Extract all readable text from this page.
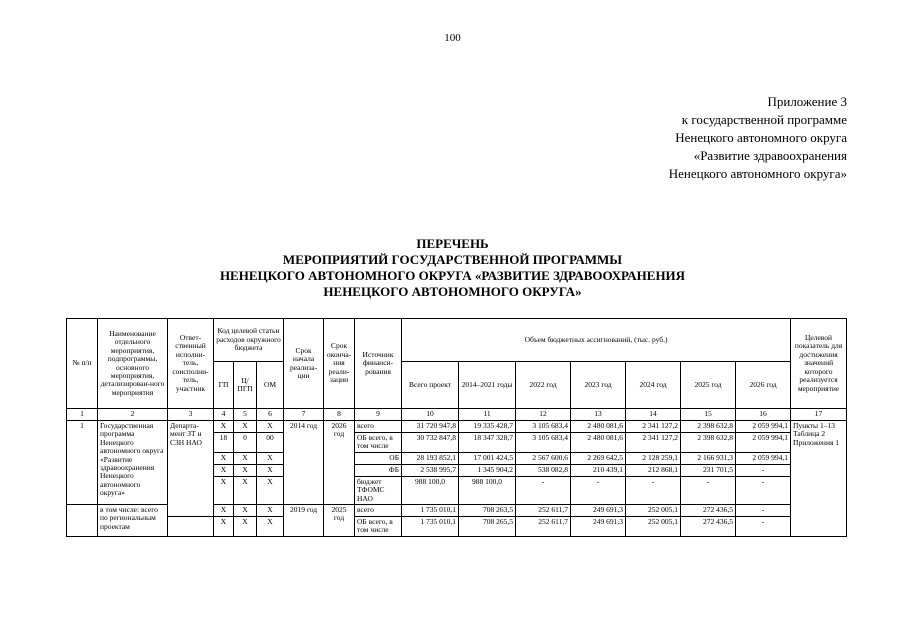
100
Приложение 3
к государственной программе
Ненецкого автономного округа
«Развитие здравоохранения
Ненецкого автономного округа»
ПЕРЕЧЕНЬ
МЕРОПРИЯТИЙ ГОСУДАРСТВЕННОЙ ПРОГРАММЫ
НЕНЕЦКОГО АВТОНОМНОГО ОКРУГА «РАЗВИТИЕ ЗДРАВООХРАНЕНИЯ
НЕНЕЦКОГО АВТОНОМНОГО ОКРУГА»
№ п/п	Наименование отдельного мероприятия, подпрограммы, основного мероприятия, детализирован-ного мероприятия	Ответ-ственный исполни-тель, соисполни-тель, участник	Код целевой статьи расходов окружного бюджета			Срок начала реализа-ции	Срок оконча-ния реали-зации	Источник финанси-рования	Объем бюджетных ассигнований, (тыс. руб.)							Целевой показатель для достижения значений которого реализуется мероприятие
			ГП	Ц/ПГП	ОМ				Всего проект	2014–2021 годы	2022 год	2023 год	2024 год	2025 год	2026 год	
1	2	3	4	5	6	7	8	9	10	11	12	13	14	15	16	17
1	Государственная программа Ненецкого автономного округа «Развитие здравоохранения Ненецкого автономного округа»	Департа-мент ЗТ и СЗН НАО	Х	Х	Х	2014 год	2026 год	всего	31 720 947,8	19 335 428,7	3 105 683,4	2 480 081,6	2 341 127,2	2 398 632,8	2 059 994,1	Пункты 1–13 Таблица 2 Приложения 1
			18	0	00			ОБ всего, в том числе	30 732 847,8	18 347 328,7	3 105 683,4	2 480 081,6	2 341 127,2	2 398 632,8	2 059 994,1	
			Х	Х	Х			ОБ	28 193 852,1	17 001 424,5	2 567 600,6	2 269 642,5	2 128 259,1	2 166 931,3	2 059 994,1	
			Х	Х	Х			ФБ	2 538 995,7	1 345 904,2	538 082,8	210 439,1	212 868,1	231 701,5	-	
			Х	Х	Х			бюджет ТФОМС НАО	988 100,0	988 100,0	-	-	-	-	-	
	в том числе: всего по региональным проектам		Х	Х	Х	2019 год	2025 год	всего	1 735 010,1	708 263,5	252 611,7	249 691,3	252 005,1	272 436,5	-	
			Х	Х	Х			ОБ всего, в том числе	1 735 010,1	708 265,5	252 611,7	249 691,3	252 005,1	272 436,5	-	
